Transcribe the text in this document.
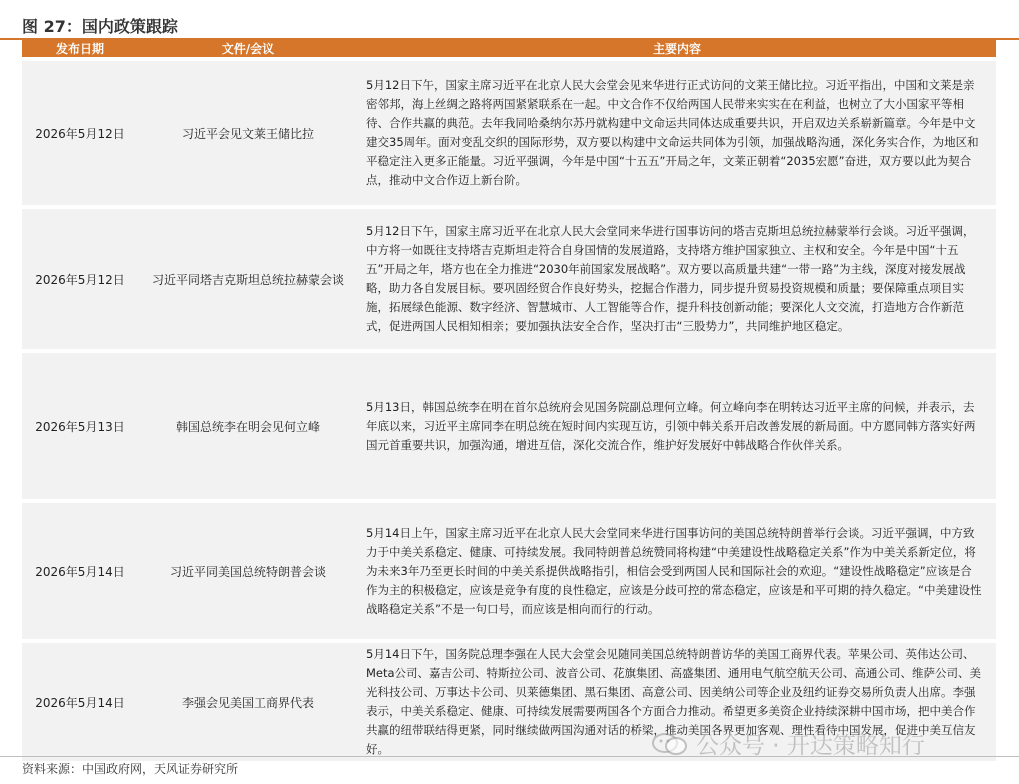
图 27：国内政策跟踪
发布日期	文件/会议	主要内容

2026年5月12日	习近平会见文莱王储比拉	5月12日下午，国家主席习近平在北京人民大会堂会见来华进行正式访问的文莱王储比拉。习近平指出，中国和文莱是亲密邻邦，海上丝绸之路将两国紧紧联系在一起。中文合作不仅给两国人民带来实实在在利益，也树立了大小国家平等相待、合作共赢的典范。去年我同哈桑纳尔苏丹就构建中文命运共同体达成重要共识，开启双边关系崭新篇章。今年是中文建交35周年。面对变乱交织的国际形势，双方要以构建中文命运共同体为引领，加强战略沟通，深化务实合作，为地区和平稳定注入更多正能量。习近平强调，今年是中国“十五五”开局之年，文莱正朝着“2035宏愿”奋进，双方要以此为契合点，推动中文合作迈上新台阶。

2026年5月12日	习近平同塔吉克斯坦总统拉赫蒙会谈	5月12日下午，国家主席习近平在北京人民大会堂同来华进行国事访问的塔吉克斯坦总统拉赫蒙举行会谈。习近平强调，中方将一如既往支持塔吉克斯坦走符合自身国情的发展道路，支持塔方维护国家独立、主权和安全。今年是中国“十五五”开局之年，塔方也在全力推进“2030年前国家发展战略”。双方要以高质量共建“一带一路”为主线，深度对接发展战略，助力各自发展目标。要巩固经贸合作良好势头，挖掘合作潜力，同步提升贸易投资规模和质量；要保障重点项目实施，拓展绿色能源、数字经济、智慧城市、人工智能等合作，提升科技创新动能；要深化人文交流，打造地方合作新范式，促进两国人民相知相亲；要加强执法安全合作，坚决打击“三股势力”，共同维护地区稳定。

2026年5月13日	韩国总统李在明会见何立峰	5月13日，韩国总统李在明在首尔总统府会见国务院副总理何立峰。何立峰向李在明转达习近平主席的问候，并表示，去年底以来，习近平主席同李在明总统在短时间内实现互访，引领中韩关系开启改善发展的新局面。中方愿同韩方落实好两国元首重要共识，加强沟通，增进互信，深化交流合作，维护好发展好中韩战略合作伙伴关系。

2026年5月14日	习近平同美国总统特朗普会谈	5月14日上午，国家主席习近平在北京人民大会堂同来华进行国事访问的美国总统特朗普举行会谈。习近平强调，中方致力于中美关系稳定、健康、可持续发展。我同特朗普总统赞同将构建“中美建设性战略稳定关系”作为中美关系新定位，将为未来3年乃至更长时间的中美关系提供战略指引，相信会受到两国人民和国际社会的欢迎。“建设性战略稳定”应该是合作为主的积极稳定，应该是竞争有度的良性稳定，应该是分歧可控的常态稳定，应该是和平可期的持久稳定。“中美建设性战略稳定关系”不是一句口号，而应该是相向而行的行动。

2026年5月14日	李强会见美国工商界代表	5月14日下午，国务院总理李强在人民大会堂会见随同美国总统特朗普访华的美国工商界代表。苹果公司、英伟达公司、Meta公司、嘉吉公司、特斯拉公司、波音公司、花旗集团、高盛集团、通用电气航空航天公司、高通公司、维萨公司、美光科技公司、万事达卡公司、贝莱德集团、黑石集团、高意公司、因美纳公司等企业及纽约证券交易所负责人出席。李强表示，中美关系稳定、健康、可持续发展需要两国各个方面合力推动。希望更多美资企业持续深耕中国市场，把中美合作共赢的纽带联结得更紧，同时继续做两国沟通对话的桥梁，推动美国各界更加客观、理性看待中国发展，促进中美互信友好。
资料来源：中国政府网，天风证券研究所
公众号 · 开达策略知行
